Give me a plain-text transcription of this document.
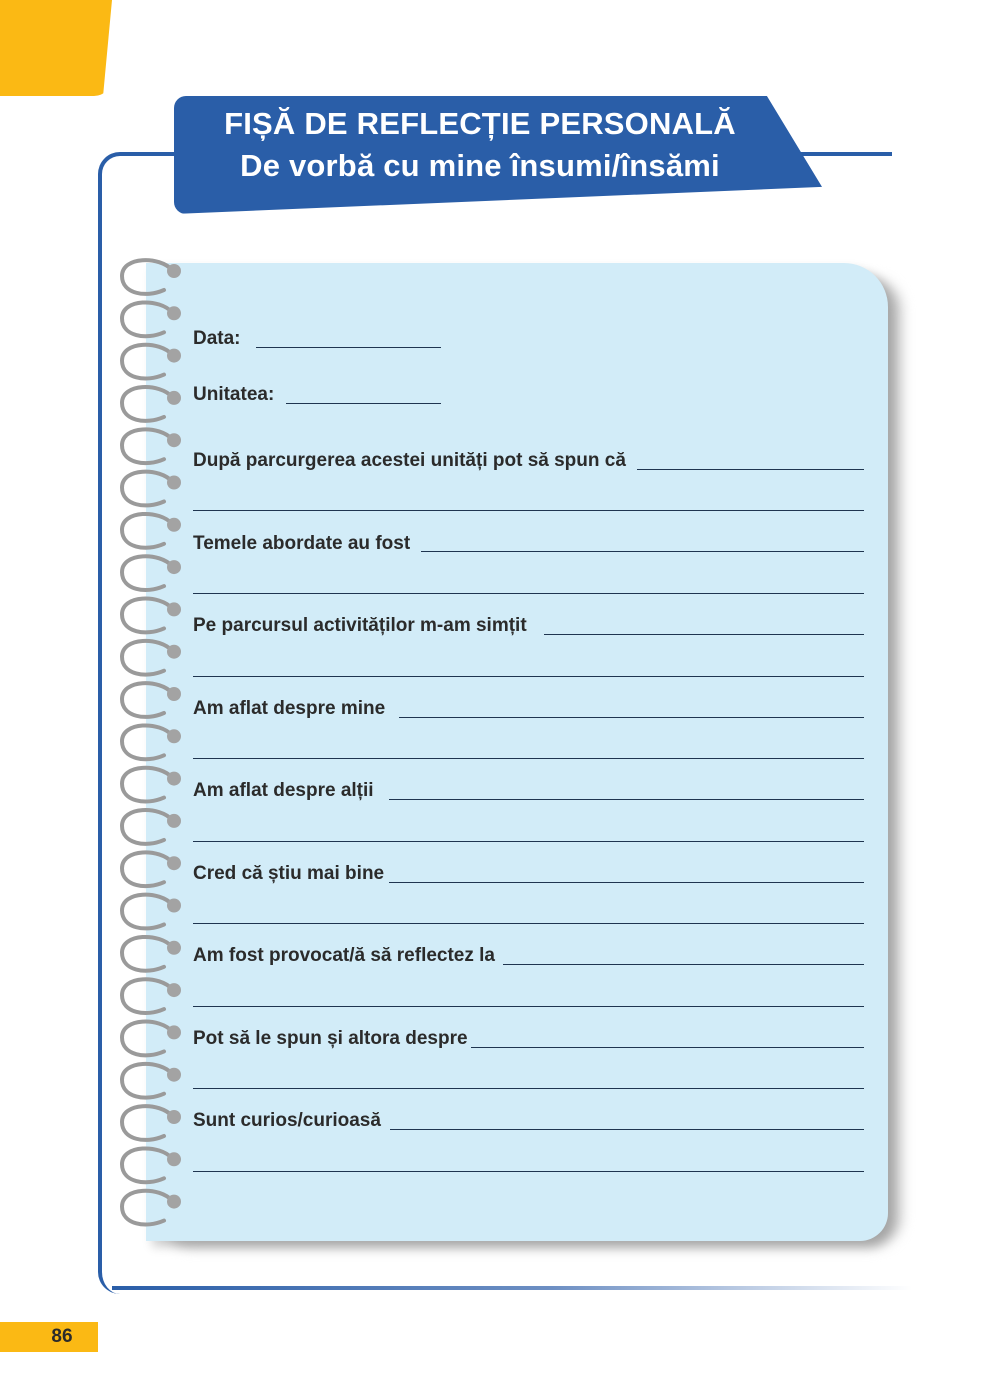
FIȘĂ DE REFLECȚIE PERSONALĂ
De vorbă cu mine însumi/însămi
Data:
Unitatea:
După parcurgerea acestei unități pot să spun că
Temele abordate au fost
Pe parcursul activităților m-am simțit
Am aflat despre mine
Am aflat despre alții
Cred că știu mai bine
Am fost provocat/ă să reflectez la
Pot să le spun și altora despre
Sunt curios/curioasă
86
